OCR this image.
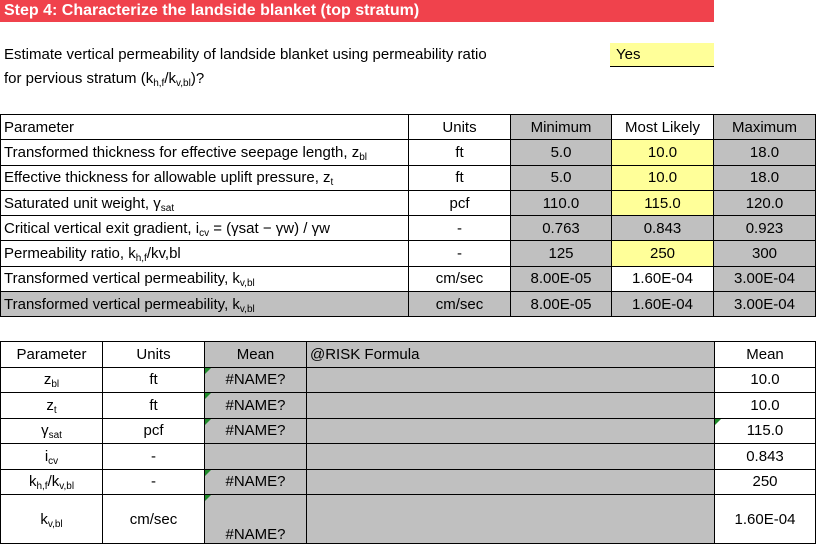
Step 4: Characterize the landside blanket (top stratum)
Estimate vertical permeability of landside blanket using permeability ratio
for pervious stratum $(k_{h,f}/k_{v,bl})$?
Yes
Parameter	Units	Minimum	Most Likely	Maximum
Transformed thickness for effective seepage length, $z_{bl}$	ft	5.0	10.0	18.0
Effective thickness for allowable uplift pressure, $z_t$	ft	5.0	10.0	18.0
Saturated unit weight, $\gamma_{sat}$	pcf	110.0	115.0	120.0
Critical vertical exit gradient, $i_{cv} = (\gamma sat - \gamma w) / \gamma w$	-	0.763	0.843	0.923
Permeability ratio, $k_{h,f}/kv,bl$	-	125	250	300
Transformed vertical permeability, $k_{v,bl}$	cm/sec	8.00E-05	1.60E-04	3.00E-04
Transformed vertical permeability, $k_{v,bl}$	cm/sec	8.00E-05	1.60E-04	3.00E-04
Parameter	Units	Mean	@RISK Formula	Mean
$z_{bl}$	ft	#NAME?		10.0
$z_t$	ft	#NAME?		10.0
$\gamma_{sat}$	pcf	#NAME?		115.0
$i_{cv}$	-			0.843
$k_{h,f}/k_{v,bl}$	-	#NAME?		250
$k_{v,bl}$	cm/sec	#NAME?		1.60E-04
